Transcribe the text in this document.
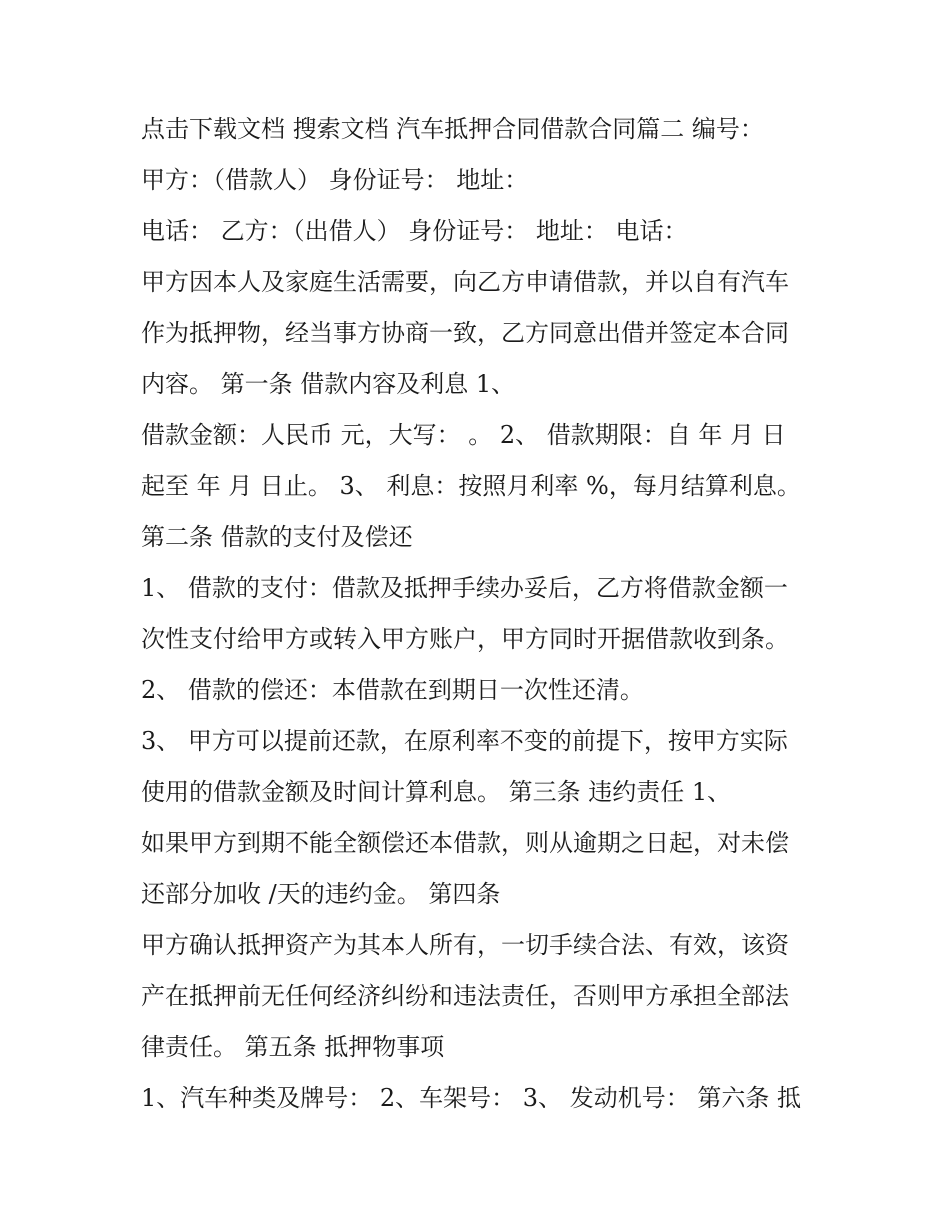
点击下载文档 搜索文档 汽车抵押合同借款合同篇二 编号：
甲方：（借款人） 身份证号： 地址：
电话： 乙方：（出借人） 身份证号： 地址： 电话：
甲方因本人及家庭生活需要，向乙方申请借款，并以自有汽车
作为抵押物，经当事方协商一致，乙方同意出借并签定本合同
内容。 第一条 借款内容及利息 1、
借款金额：人民币 元，大写： 。 2、 借款期限：自 年 月 日
起至 年 月 日止。 3、 利息：按照月利率 %，每月结算利息。
第二条 借款的支付及偿还
1、 借款的支付：借款及抵押手续办妥后，乙方将借款金额一
次性支付给甲方或转入甲方账户，甲方同时开据借款收到条。
2、 借款的偿还：本借款在到期日一次性还清。
3、 甲方可以提前还款，在原利率不变的前提下，按甲方实际
使用的借款金额及时间计算利息。 第三条 违约责任 1、
如果甲方到期不能全额偿还本借款，则从逾期之日起，对未偿
还部分加收 /天的违约金。 第四条
甲方确认抵押资产为其本人所有，一切手续合法、有效，该资
产在抵押前无任何经济纠纷和违法责任，否则甲方承担全部法
律责任。 第五条 抵押物事项
1、汽车种类及牌号： 2、车架号： 3、 发动机号： 第六条 抵
